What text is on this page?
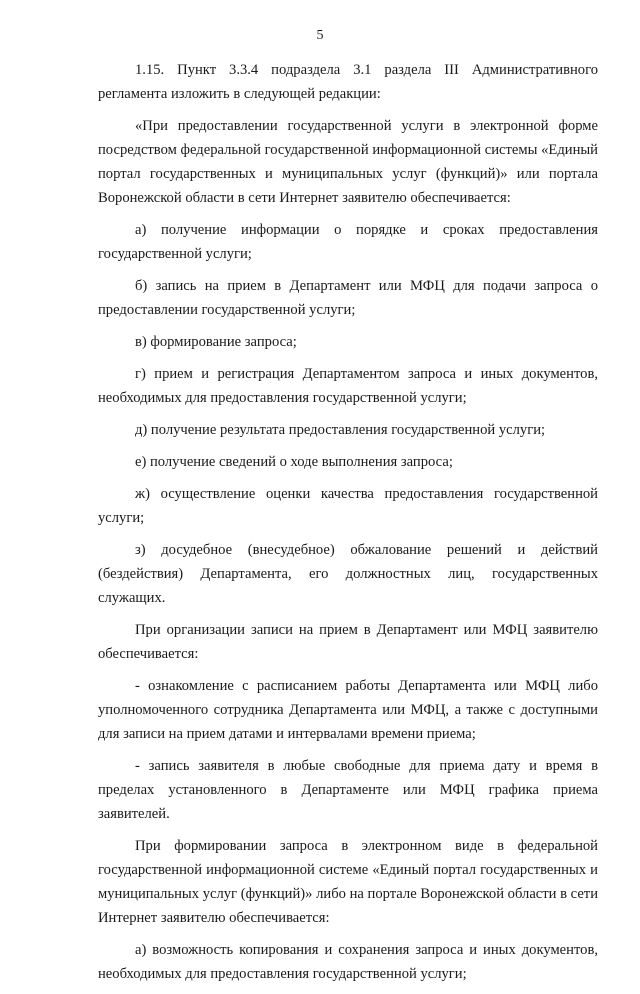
5

1.15. Пункт 3.3.4 подраздела 3.1 раздела III Административного регламента изложить в следующей редакции:

«При предоставлении государственной услуги в электронной форме посредством федеральной государственной информационной системы «Единый портал государственных и муниципальных услуг (функций)» или портала Воронежской области в сети Интернет заявителю обеспечивается:

а) получение информации о порядке и сроках предоставления государственной услуги;

б) запись на прием в Департамент или МФЦ для подачи запроса о предоставлении государственной услуги;

в) формирование запроса;

г) прием и регистрация Департаментом запроса и иных документов, необходимых для предоставления государственной услуги;

д) получение результата предоставления государственной услуги;

е) получение сведений о ходе выполнения запроса;

ж) осуществление оценки качества предоставления государственной услуги;

з) досудебное (внесудебное) обжалование решений и действий (бездействия) Департамента, его должностных лиц, государственных служащих.

При организации записи на прием в Департамент или МФЦ заявителю обеспечивается:

- ознакомление с расписанием работы Департамента или МФЦ либо уполномоченного сотрудника Департамента или МФЦ, а также с доступными для записи на прием датами и интервалами времени приема;

- запись заявителя в любые свободные для приема дату и время в пределах установленного в Департаменте или МФЦ графика приема заявителей.

При формировании запроса в электронном виде в федеральной государственной информационной системе «Единый портал государственных и муниципальных услуг (функций)» либо на портале Воронежской области в сети Интернет заявителю обеспечивается:

а) возможность копирования и сохранения запроса и иных документов, необходимых для предоставления государственной услуги;
